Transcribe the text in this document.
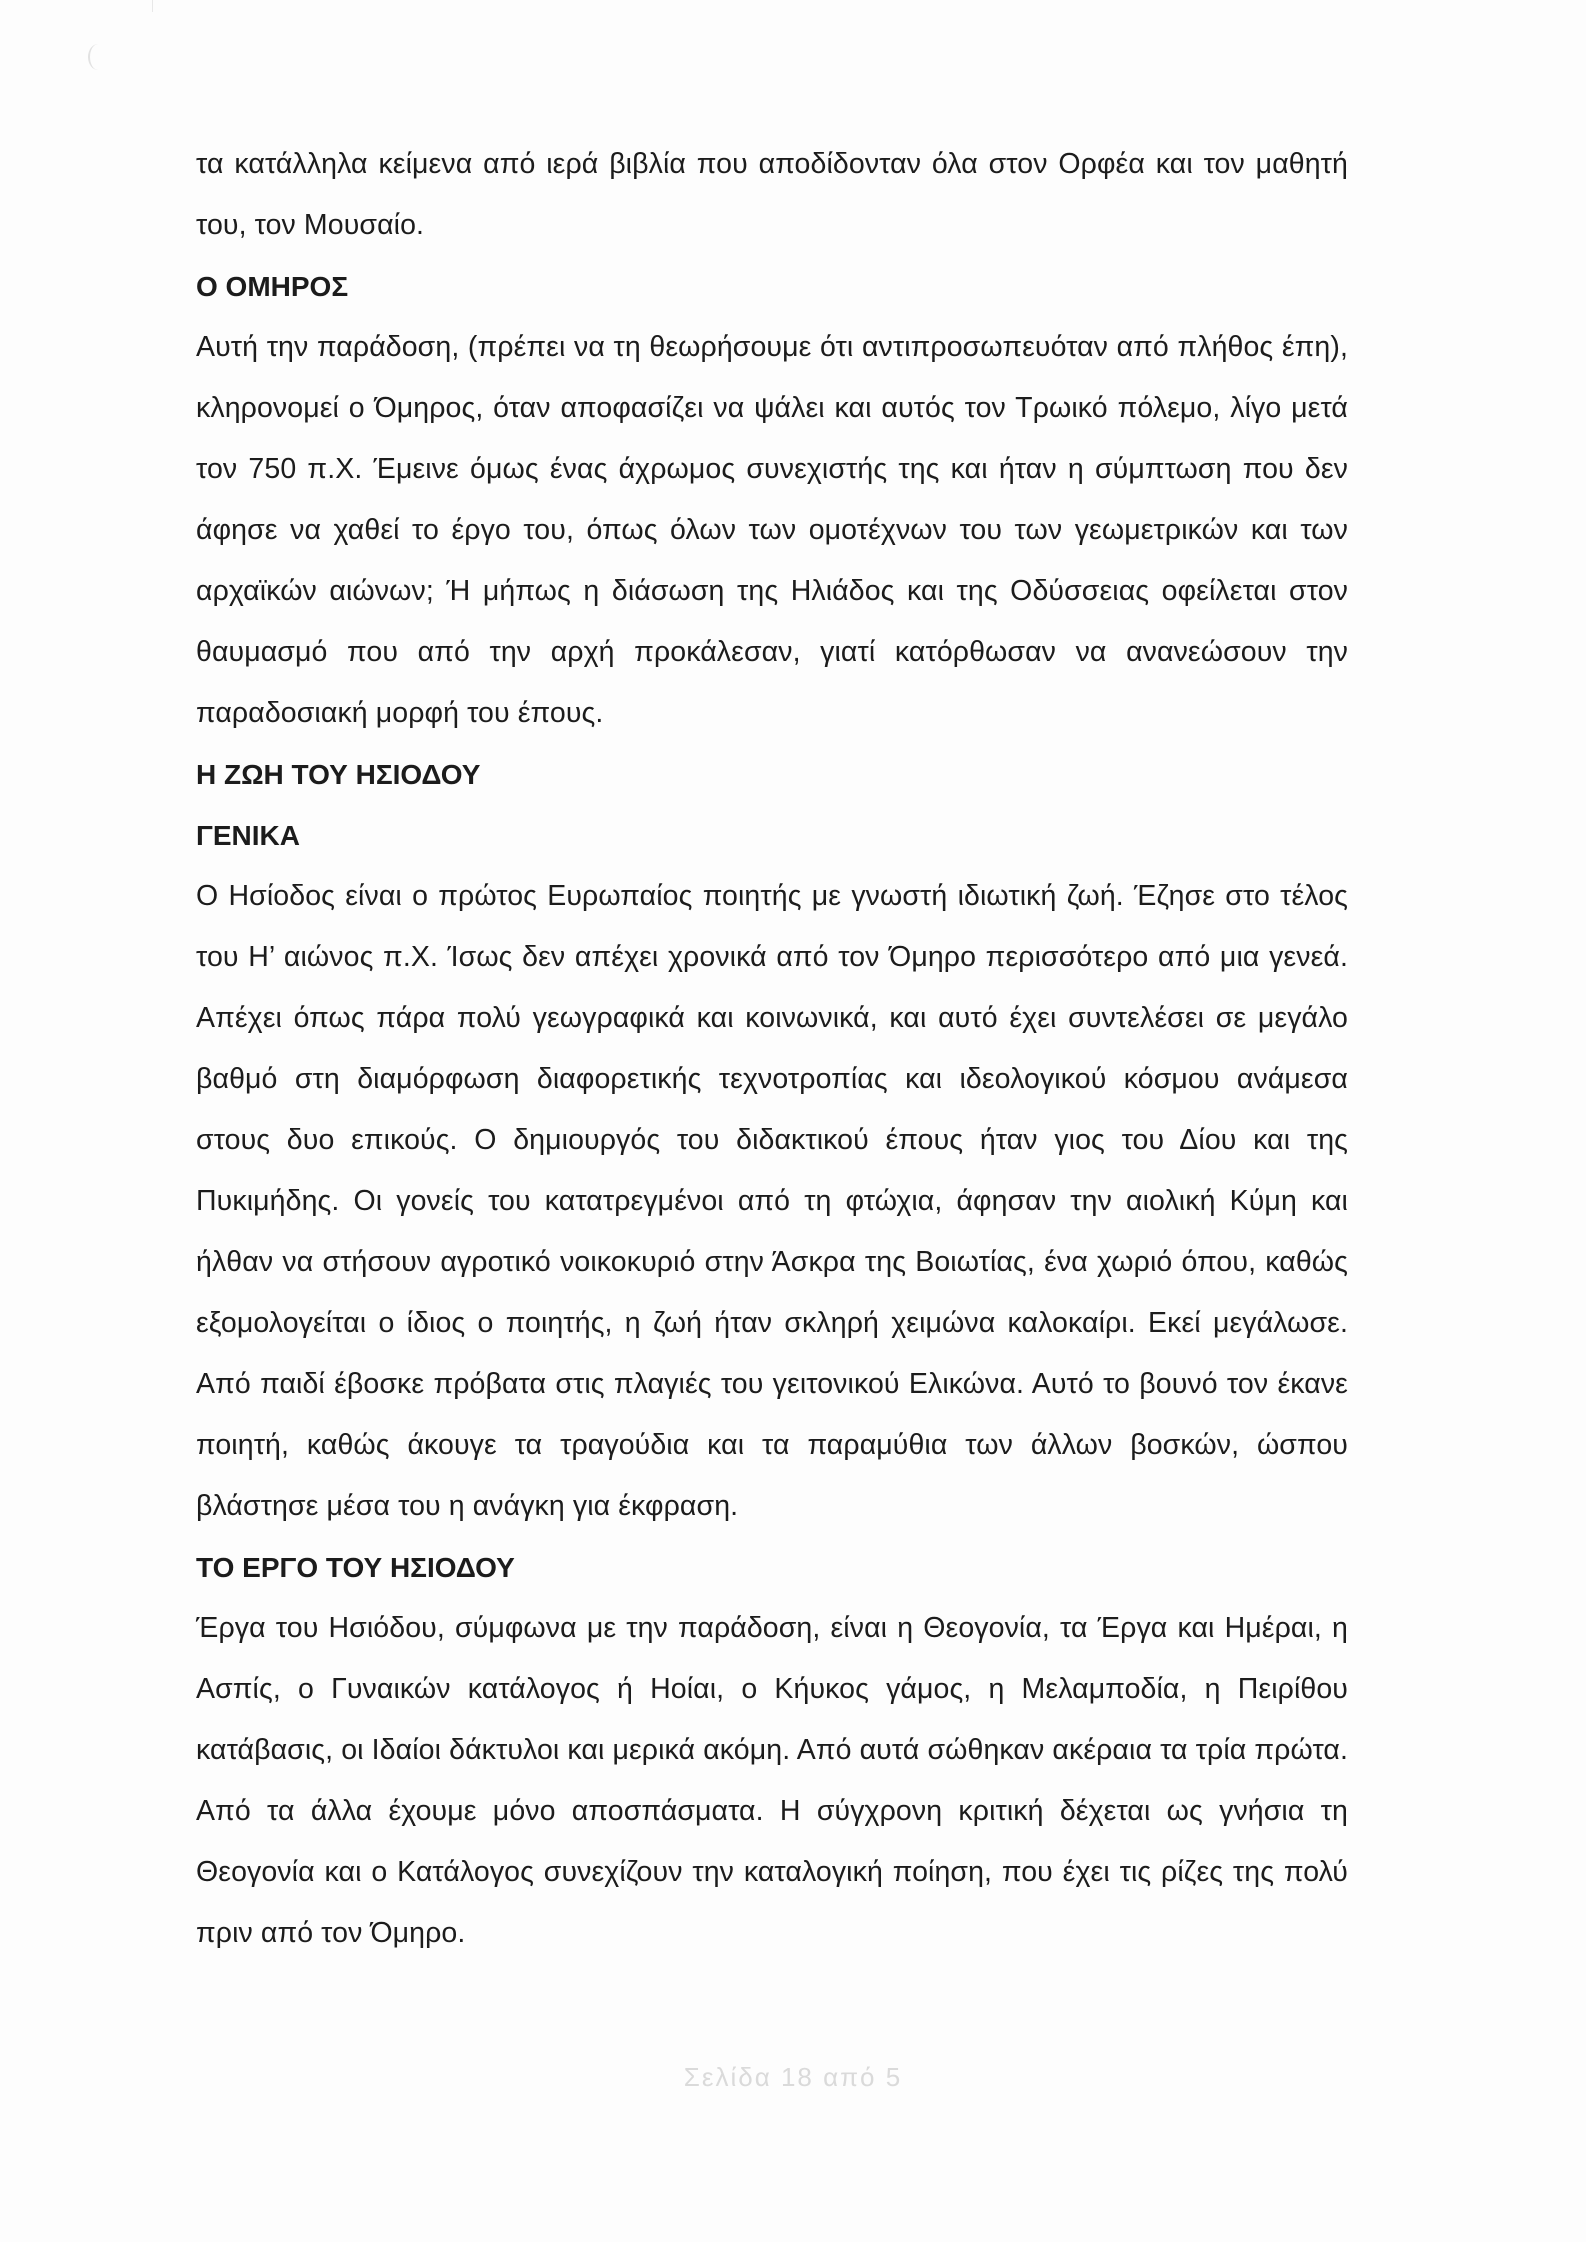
τα κατάλληλα κείμενα από ιερά βιβλία που αποδίδονταν όλα στον Ορφέα και τον μαθητή του, τον Μουσαίο.

Ο ΟΜΗΡΟΣ

Αυτή την παράδοση, (πρέπει να τη θεωρήσουμε ότι αντιπροσωπευόταν από πλήθος έπη), κληρονομεί ο Όμηρος, όταν αποφασίζει να ψάλει και αυτός τον Τρωικό πόλεμο, λίγο μετά τον 750 π.Χ. Έμεινε όμως ένας άχρωμος συνεχιστής της και ήταν η σύμπτωση που δεν άφησε να χαθεί το έργο του, όπως όλων των ομοτέχνων του των γεωμετρικών και των αρχαϊκών αιώνων; Ή μήπως η διάσωση της Ηλιάδος και της Οδύσσειας οφείλεται στον θαυμασμό που από την αρχή προκάλεσαν, γιατί κατόρθωσαν να ανανεώσουν την παραδοσιακή μορφή του έπους.

Η ΖΩΗ ΤΟΥ ΗΣΙΟΔΟΥ

ΓΕΝΙΚΑ

Ο Ησίοδος είναι ο πρώτος Ευρωπαίος ποιητής με γνωστή ιδιωτική ζωή. Έζησε στο τέλος του Η’ αιώνος π.Χ. Ίσως δεν απέχει χρονικά από τον Όμηρο περισσότερο από μια γενεά. Απέχει όπως πάρα πολύ γεωγραφικά και κοινωνικά, και αυτό έχει συντελέσει σε μεγάλο βαθμό στη διαμόρφωση διαφορετικής τεχνοτροπίας και ιδεολογικού κόσμου ανάμεσα στους δυο επικούς. Ο δημιουργός του διδακτικού έπους ήταν γιος του Δίου και της Πυκιμήδης. Οι γονείς του κατατρεγμένοι από τη φτώχια, άφησαν την αιολική Κύμη και ήλθαν να στήσουν αγροτικό νοικοκυριό στην Άσκρα της Βοιωτίας, ένα χωριό όπου, καθώς εξομολογείται ο ίδιος ο ποιητής, η ζωή ήταν σκληρή χειμώνα καλοκαίρι. Εκεί μεγάλωσε. Από παιδί έβοσκε πρόβατα στις πλαγιές του γειτονικού Ελικώνα. Αυτό το βουνό τον έκανε ποιητή, καθώς άκουγε τα τραγούδια και τα παραμύθια των άλλων βοσκών, ώσπου βλάστησε μέσα του η ανάγκη για έκφραση.

ΤΟ ΕΡΓΟ ΤΟΥ ΗΣΙΟΔΟΥ

Έργα του Ησιόδου, σύμφωνα με την παράδοση, είναι η Θεογονία, τα Έργα και Ημέραι, η Ασπίς, ο Γυναικών κατάλογος ή Ηοίαι, ο Κήυκος γάμος, η Μελαμποδία, η Πειρίθου κατάβασις, οι Ιδαίοι δάκτυλοι και μερικά ακόμη. Από αυτά σώθηκαν ακέραια τα τρία πρώτα. Από τα άλλα έχουμε μόνο αποσπάσματα. Η σύγχρονη κριτική δέχεται ως γνήσια τη Θεογονία και ο Κατάλογος συνεχίζουν την καταλογική ποίηση, που έχει τις ρίζες της πολύ πριν από τον Όμηρο.

Σελίδα 18 από 5
